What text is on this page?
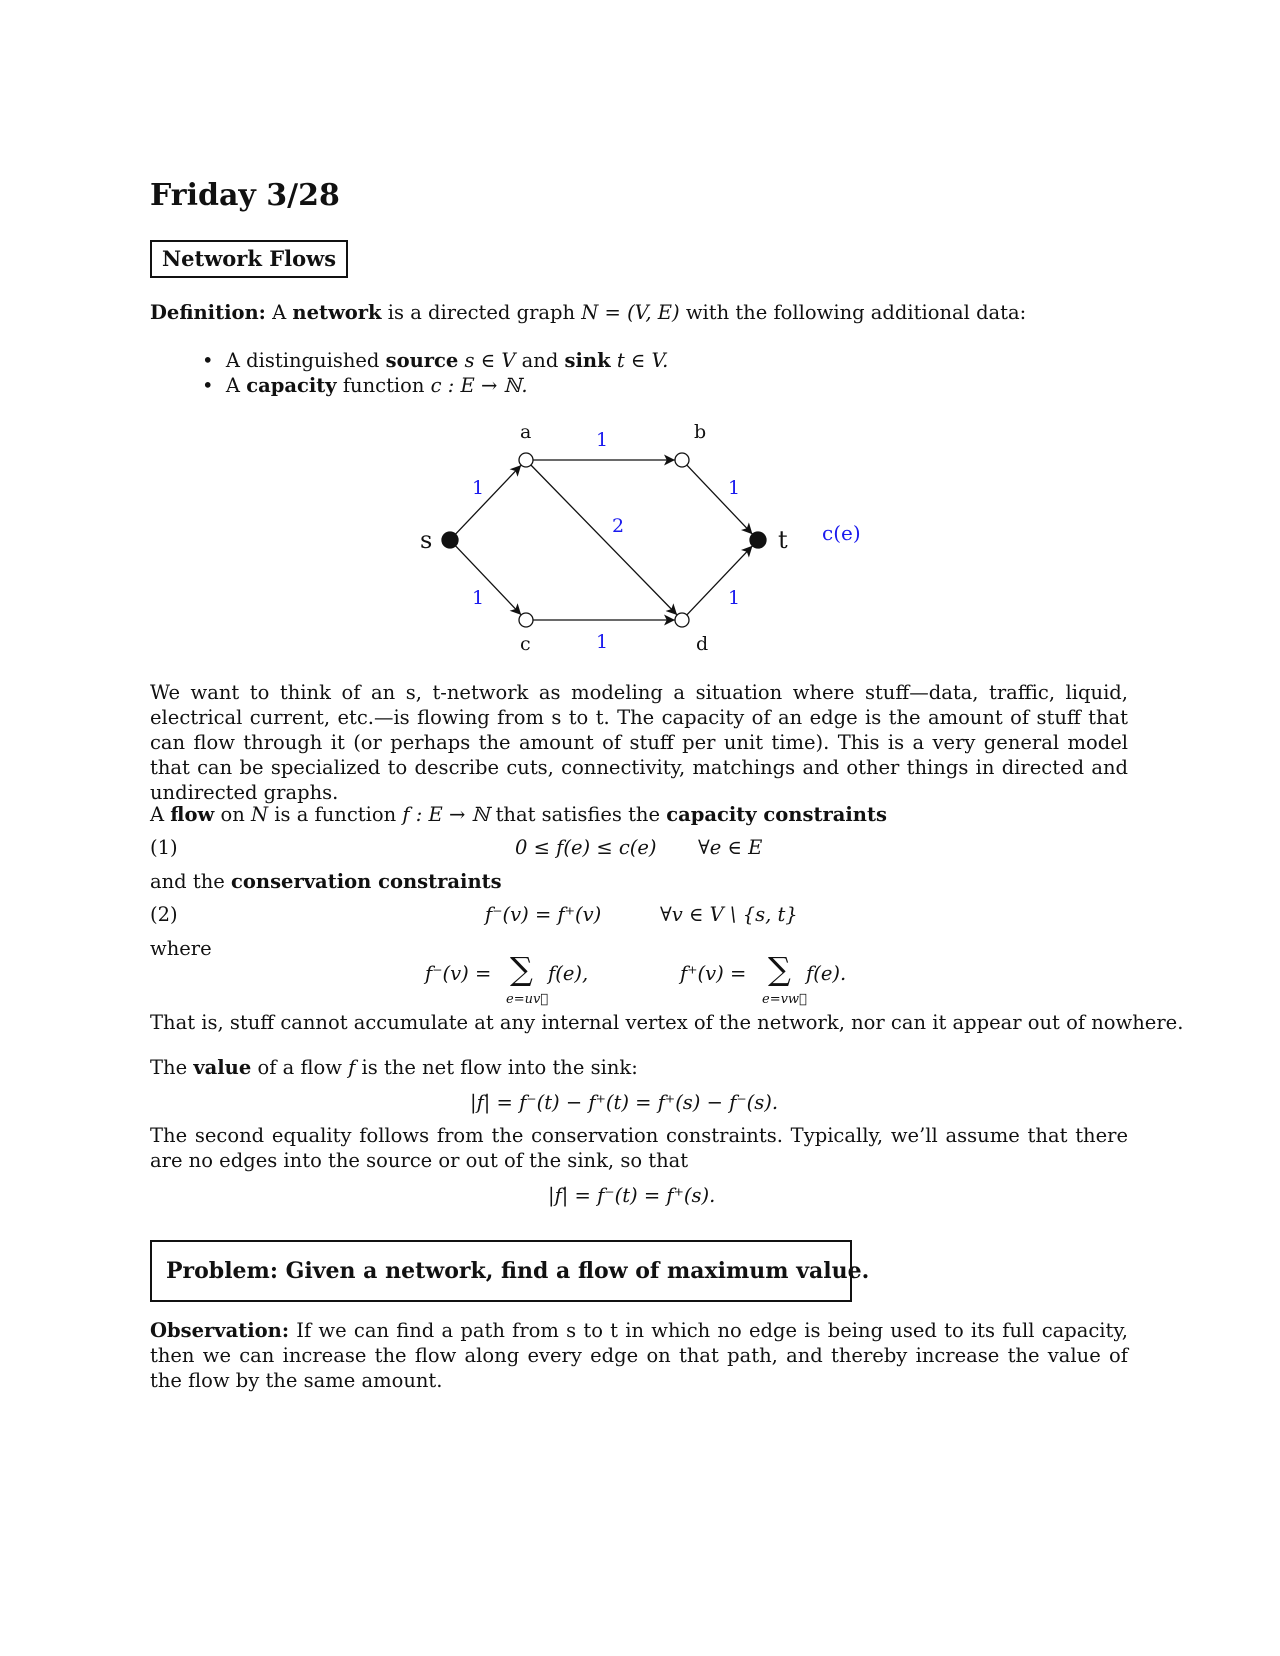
Friday 3/28
Network Flows
Definition: A network is a directed graph N = (V, E) with the following additional data:
•  A distinguished source s ∈ V and sink t ∈ V.
•  A capacity function c : E → ℕ.
1
1
1
2
1
1
1
s
a	b
c	d
t c(e)
We want to think of an s, t-network as modeling a situation where stuff—data, traffic, liquid, electrical current, etc.—is flowing from s to t. The capacity of an edge is the amount of stuff that can flow through it (or perhaps the amount of stuff per unit time). This is a very general model that can be specialized to describe cuts, connectivity, matchings and other things in directed and undirected graphs.
A flow on N is a function f : E → ℕ that satisfies the capacity constraints
(1)	0 ≤ f(e) ≤ c(e) ∀e ∈ E
and the conservation constraints
(2)	f⁻(v) = f⁺(v)	∀v ∈ V \ {s, t}
where
f⁻(v) = ∑ f(e),
e=uv⃗
f⁺(v) = ∑ f(e).
e=vw⃗
That is, stuff cannot accumulate at any internal vertex of the network, nor can it appear out of nowhere.
The value of a flow f is the net flow into the sink:
|f| = f⁻(t) − f⁺(t) = f⁺(s) − f⁻(s).
The second equality follows from the conservation constraints. Typically, we’ll assume that there are no edges into the source or out of the sink, so that
|f| = f⁻(t) = f⁺(s).
Problem: Given a network, find a flow of maximum value.
Observation: If we can find a path from s to t in which no edge is being used to its full capacity, then we can increase the flow along every edge on that path, and thereby increase the value of the flow by the same amount.
